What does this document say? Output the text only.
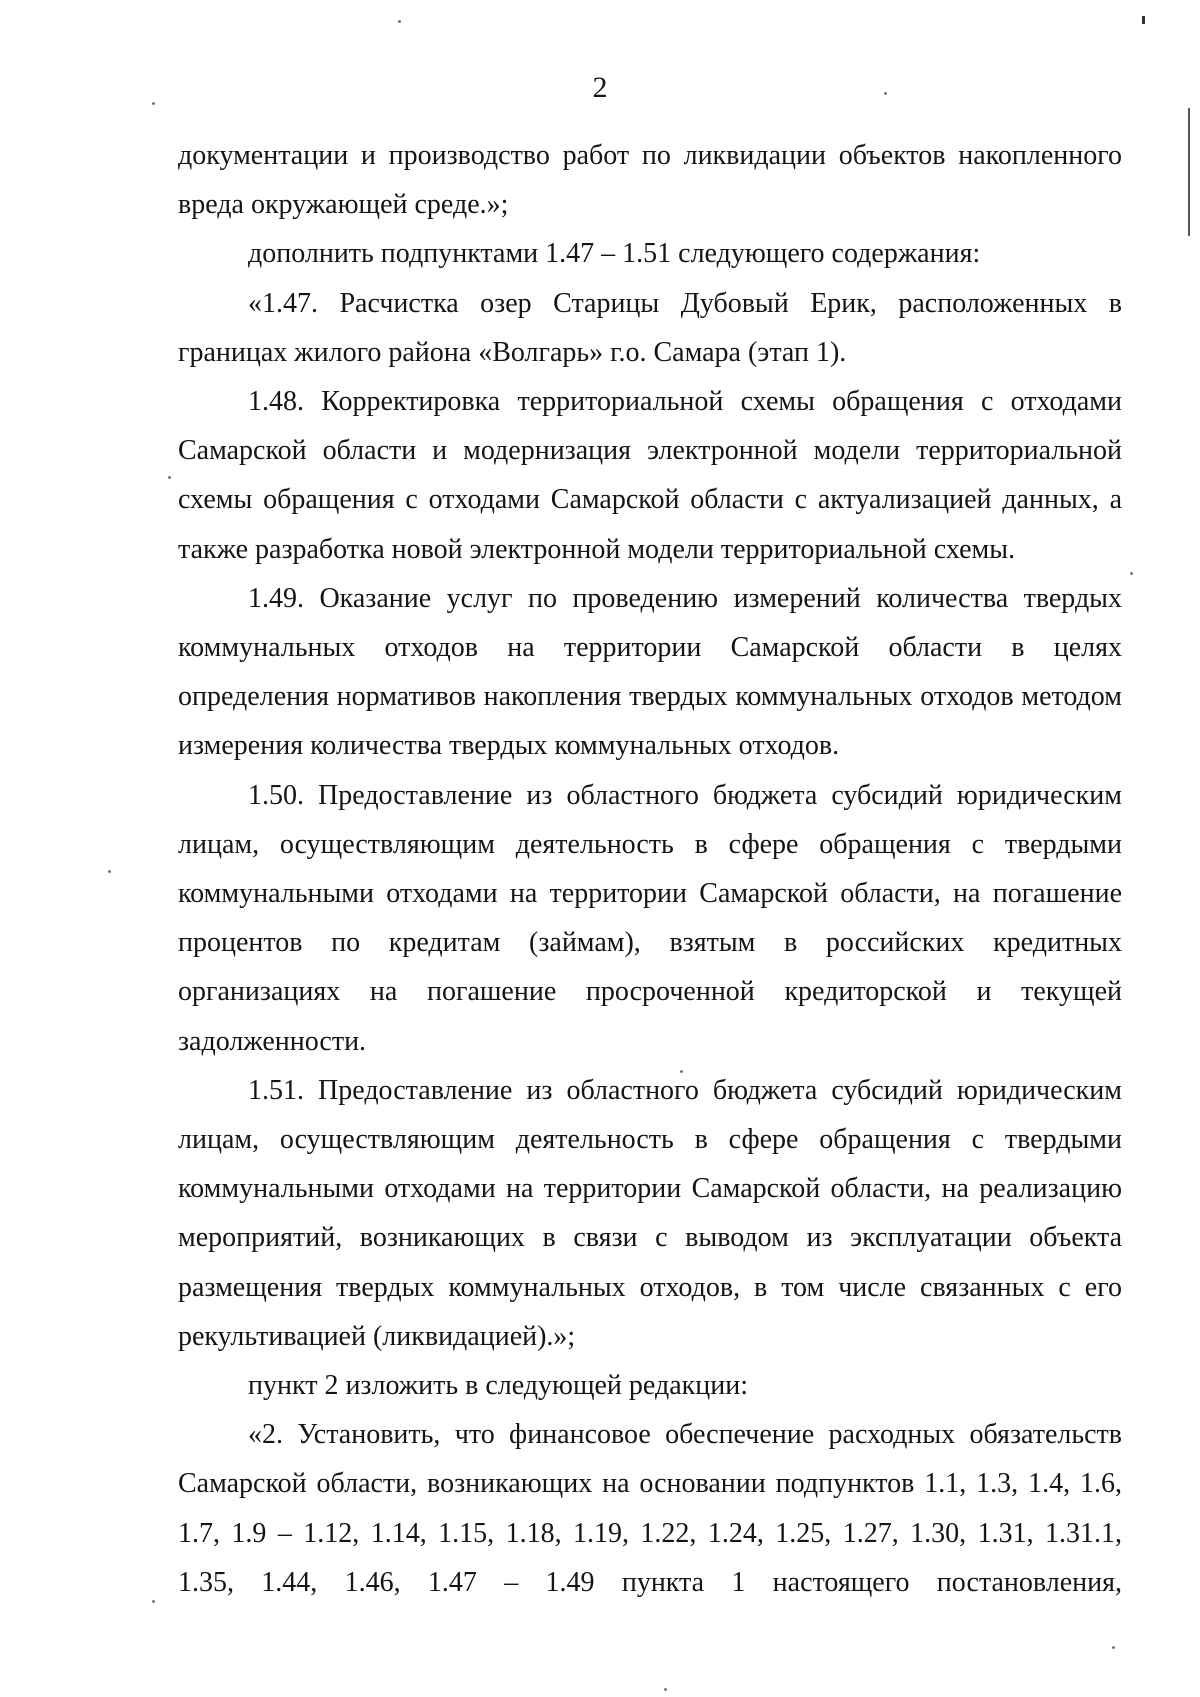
2

документации и производство работ по ликвидации объектов накопленного вреда окружающей среде.»;

дополнить подпунктами 1.47 – 1.51 следующего содержания:

«1.47. Расчистка озер Старицы Дубовый Ерик, расположенных в границах жилого района «Волгарь» г.о. Самара (этап 1).

1.48. Корректировка территориальной схемы обращения с отходами Самарской области и модернизация электронной модели территориальной схемы обращения с отходами Самарской области с актуализацией данных, а также разработка новой электронной модели территориальной схемы.

1.49. Оказание услуг по проведению измерений количества твердых коммунальных отходов на территории Самарской области в целях определения нормативов накопления твердых коммунальных отходов методом измерения количества твердых коммунальных отходов.

1.50. Предоставление из областного бюджета субсидий юридическим лицам, осуществляющим деятельность в сфере обращения с твердыми коммунальными отходами на территории Самарской области, на погашение процентов по кредитам (займам), взятым в российских кредитных организациях на погашение просроченной кредиторской и текущей задолженности.

1.51. Предоставление из областного бюджета субсидий юридическим лицам, осуществляющим деятельность в сфере обращения с твердыми коммунальными отходами на территории Самарской области, на реализацию мероприятий, возникающих в связи с выводом из эксплуатации объекта размещения твердых коммунальных отходов, в том числе связанных с его рекультивацией (ликвидацией).»;

пункт 2 изложить в следующей редакции:

«2. Установить, что финансовое обеспечение расходных обязательств Самарской области, возникающих на основании подпунктов 1.1, 1.3, 1.4, 1.6, 1.7, 1.9 – 1.12, 1.14, 1.15, 1.18, 1.19, 1.22, 1.24, 1.25, 1.27, 1.30, 1.31, 1.31.1, 1.35, 1.44, 1.46, 1.47 – 1.49 пункта 1 настоящего постановления,
